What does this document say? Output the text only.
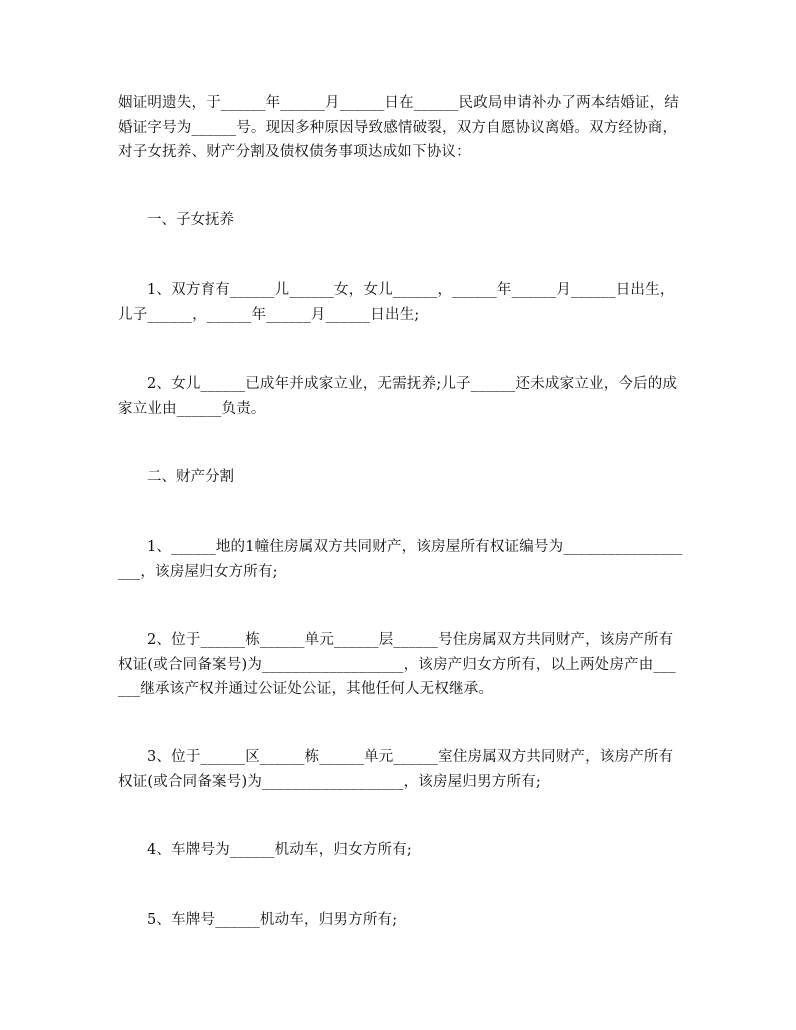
姻证明遗失，于______年______月______日在______民政局申请补办了两本结婚证，结婚证字号为______号。现因多种原因导致感情破裂，双方自愿协议离婚。双方经协商，对子女抚养、财产分割及债权债务事项达成如下协议：

一、子女抚养

1、双方育有______儿______女，女儿______，______年______月______日出生，儿子______，______年______月______日出生;

2、女儿______已成年并成家立业，无需抚养;儿子______还未成家立业，今后的成家立业由______负责。

二、财产分割

1、______地的1幢住房属双方共同财产，该房屋所有权证编号为___________________，该房屋归女方所有;

2、位于______栋______单元______层______号住房属双方共同财产，该房产所有权证(或合同备案号)为___________________，该房产归女方所有，以上两处房产由______继承该产权并通过公证处公证，其他任何人无权继承。

3、位于______区______栋______单元______室住房属双方共同财产，该房产所有权证(或合同备案号)为___________________，该房屋归男方所有;

4、车牌号为______机动车，归女方所有;

5、车牌号______机动车，归男方所有;
